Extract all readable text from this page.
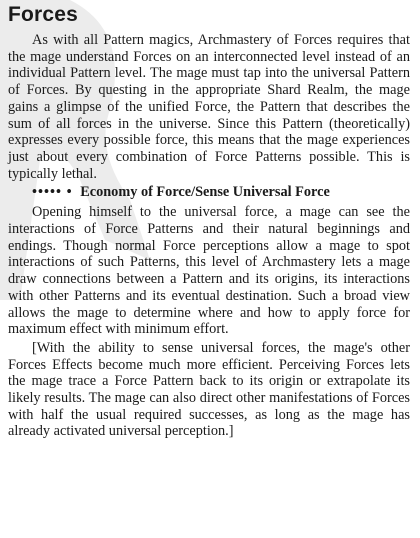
Forces

As with all Pattern magics, Archmastery of Forces requires that the mage understand Forces on an interconnected level instead of an individual Pattern level. The mage must tap into the universal Pattern of Forces. By questing in the appropriate Shard Realm, the mage gains a glimpse of the unified Force, the Pattern that describes the sum of all forces in the universe. Since this Pattern (theoretically) expresses every possible force, this means that the mage experiences just about every combination of Force Patterns possible. This is typically lethal.

••••• • Economy of Force/Sense Universal Force

Opening himself to the universal force, a mage can see the interactions of Force Patterns and their natural beginnings and endings. Though normal Force perceptions allow a mage to spot interactions of such Patterns, this level of Archmastery lets a mage draw connections between a Pattern and its origins, its interactions with other Patterns and its eventual destination. Such a broad view allows the mage to determine where and how to apply force for maximum effect with minimum effort.

[With the ability to sense universal forces, the mage's other Forces Effects become much more efficient. Perceiving Forces lets the mage trace a Force Pattern back to its origin or extrapolate its likely results. The mage can also direct other manifestations of Forces with half the usual required successes, as long as the mage has already activated universal perception.]
